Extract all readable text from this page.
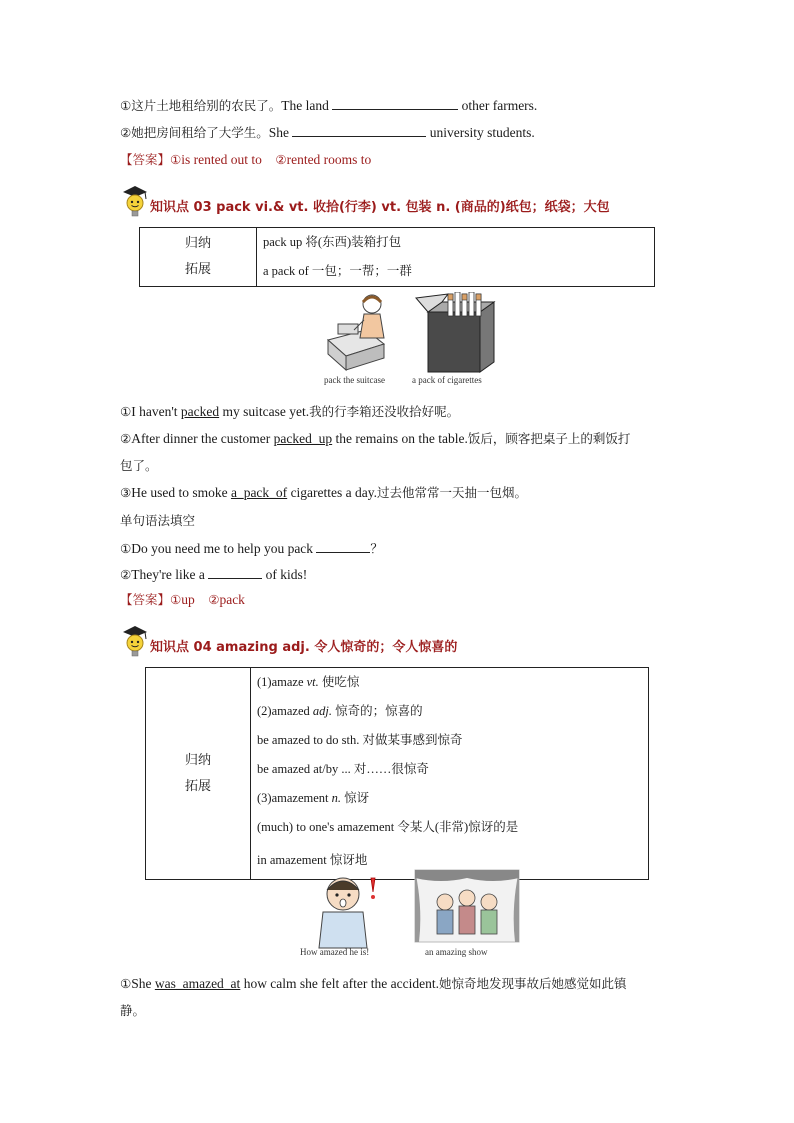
①这片土地租给别的农民了。The land	other farmers.
②她把房间租给了大学生。She	university students.
【答案】①is rented out to ②rented rooms to
知识点 03 pack vi.& vt. 收拾(行李) vt. 包装 n. (商品的)纸包；纸袋；大包
归纳
拓展
	pack up 将(东西)装箱打包
a pack of 一包；一帮；一群
pack the suitcase	a pack of cigarettes
①I haven't packed my suitcase yet.我的行李箱还没收拾好呢。
②After dinner the customer packed_up the remains on the table.饭后，顾客把桌子上的剩饭打
包了。
③He used to smoke a_pack_of cigarettes a day.过去他常常一天抽一包烟。
单句语法填空
①Do you need me to help you pack	？
②They're like a	of kids!
【答案】①up ②pack
知识点 04 amazing adj. 令人惊奇的；令人惊喜的
归纳
拓展
	(1)amaze vt. 使吃惊
(2)amazed adj. 惊奇的；惊喜的
be amazed to do sth. 对做某事感到惊奇
be amazed at/by ... 对……很惊奇
(3)amazement n. 惊讶
(much) to one's amazement 令某人(非常)惊讶的是
in amazement 惊讶地
How amazed he is!	an amazing show
①She was_amazed_at how calm she felt after the accident.她惊奇地发现事故后她感觉如此镇
静。
